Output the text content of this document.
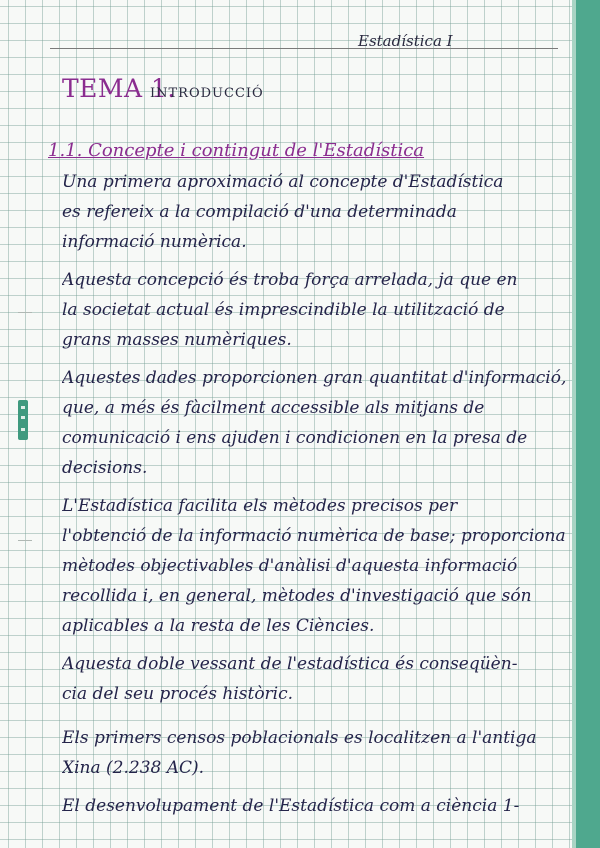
Estadística I
TEMA 1.
INTRODUCCIÓ
1.1. Concepte i contingut de l'Estadística
Una primera aproximació al concepte d'Estadística
es refereix a la compilació d'una determinada
informació numèrica.
Aquesta concepció és troba força arrelada, ja que en
la societat actual és imprescindible la utilització de
grans masses numèriques.
Aquestes dades proporcionen gran quantitat d'informació,
que, a més és fàcilment accessible als mitjans de
comunicació i ens ajuden i condicionen en la presa de
decisions.
L'Estadística facilita els mètodes precisos per
l'obtenció de la informació numèrica de base; proporciona
mètodes objectivables d'anàlisi d'aquesta informació
recollida i, en general, mètodes d'investigació que són
aplicables a la resta de les Ciències.
Aquesta doble vessant de l'estadística és conseqüèn-
cia del seu procés històric.
Els primers censos poblacionals es localitzen a l'antiga
Xina (2.238 AC).
El desenvolupament de l'Estadística com a ciència 1-
